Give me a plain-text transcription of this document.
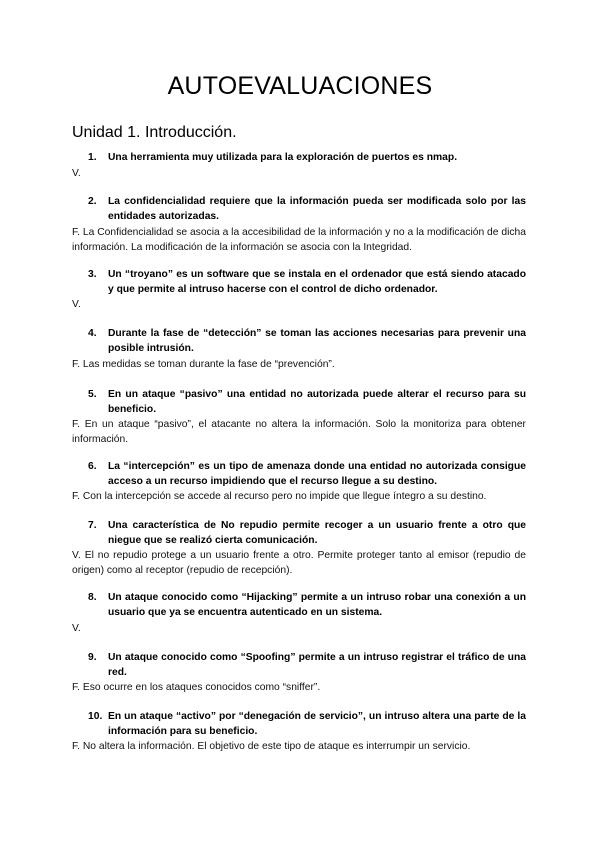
AUTOEVALUACIONES
Unidad 1. Introducción.
1.	Una herramienta muy utilizada para la exploración de puertos es nmap.
V.
2.	La confidencialidad requiere que la información pueda ser modificada solo por las entidades autorizadas.
F. La Confidencialidad se asocia a la accesibilidad de la información y no a la modificación de dicha información. La modificación de la información se asocia con la Integridad.
3.	Un “troyano” es un software que se instala en el ordenador que está siendo atacado y que permite al intruso hacerse con el control de dicho ordenador.
V.
4.	Durante la fase de “detección” se toman las acciones necesarias para prevenir una posible intrusión.
F. Las medidas se toman durante la fase de “prevención”.
5.	En un ataque “pasivo” una entidad no autorizada puede alterar el recurso para su beneficio.
F. En un ataque “pasivo”, el atacante no altera la información. Solo la monitoriza para obtener información.
6.	La “intercepción” es un tipo de amenaza donde una entidad no autorizada consigue acceso a un recurso impidiendo que el recurso llegue a su destino.
F. Con la intercepción se accede al recurso pero no impide que llegue íntegro a su destino.
7.	Una característica de No repudio permite recoger a un usuario frente a otro que niegue que se realizó cierta comunicación.
V. El no repudio protege a un usuario frente a otro. Permite proteger tanto al emisor (repudio de origen) como al receptor (repudio de recepción).
8.	Un ataque conocido como “Hijacking” permite a un intruso robar una conexión a un usuario que ya se encuentra autenticado en un sistema.
V.
9.	Un ataque conocido como “Spoofing” permite a un intruso registrar el tráfico de una red.
F. Eso ocurre en los ataques conocidos como “sniffer”.
10. En un ataque “activo” por “denegación de servicio”, un intruso altera una parte de la información para su beneficio.
F. No altera la información. El objetivo de este tipo de ataque es interrumpir un servicio.
